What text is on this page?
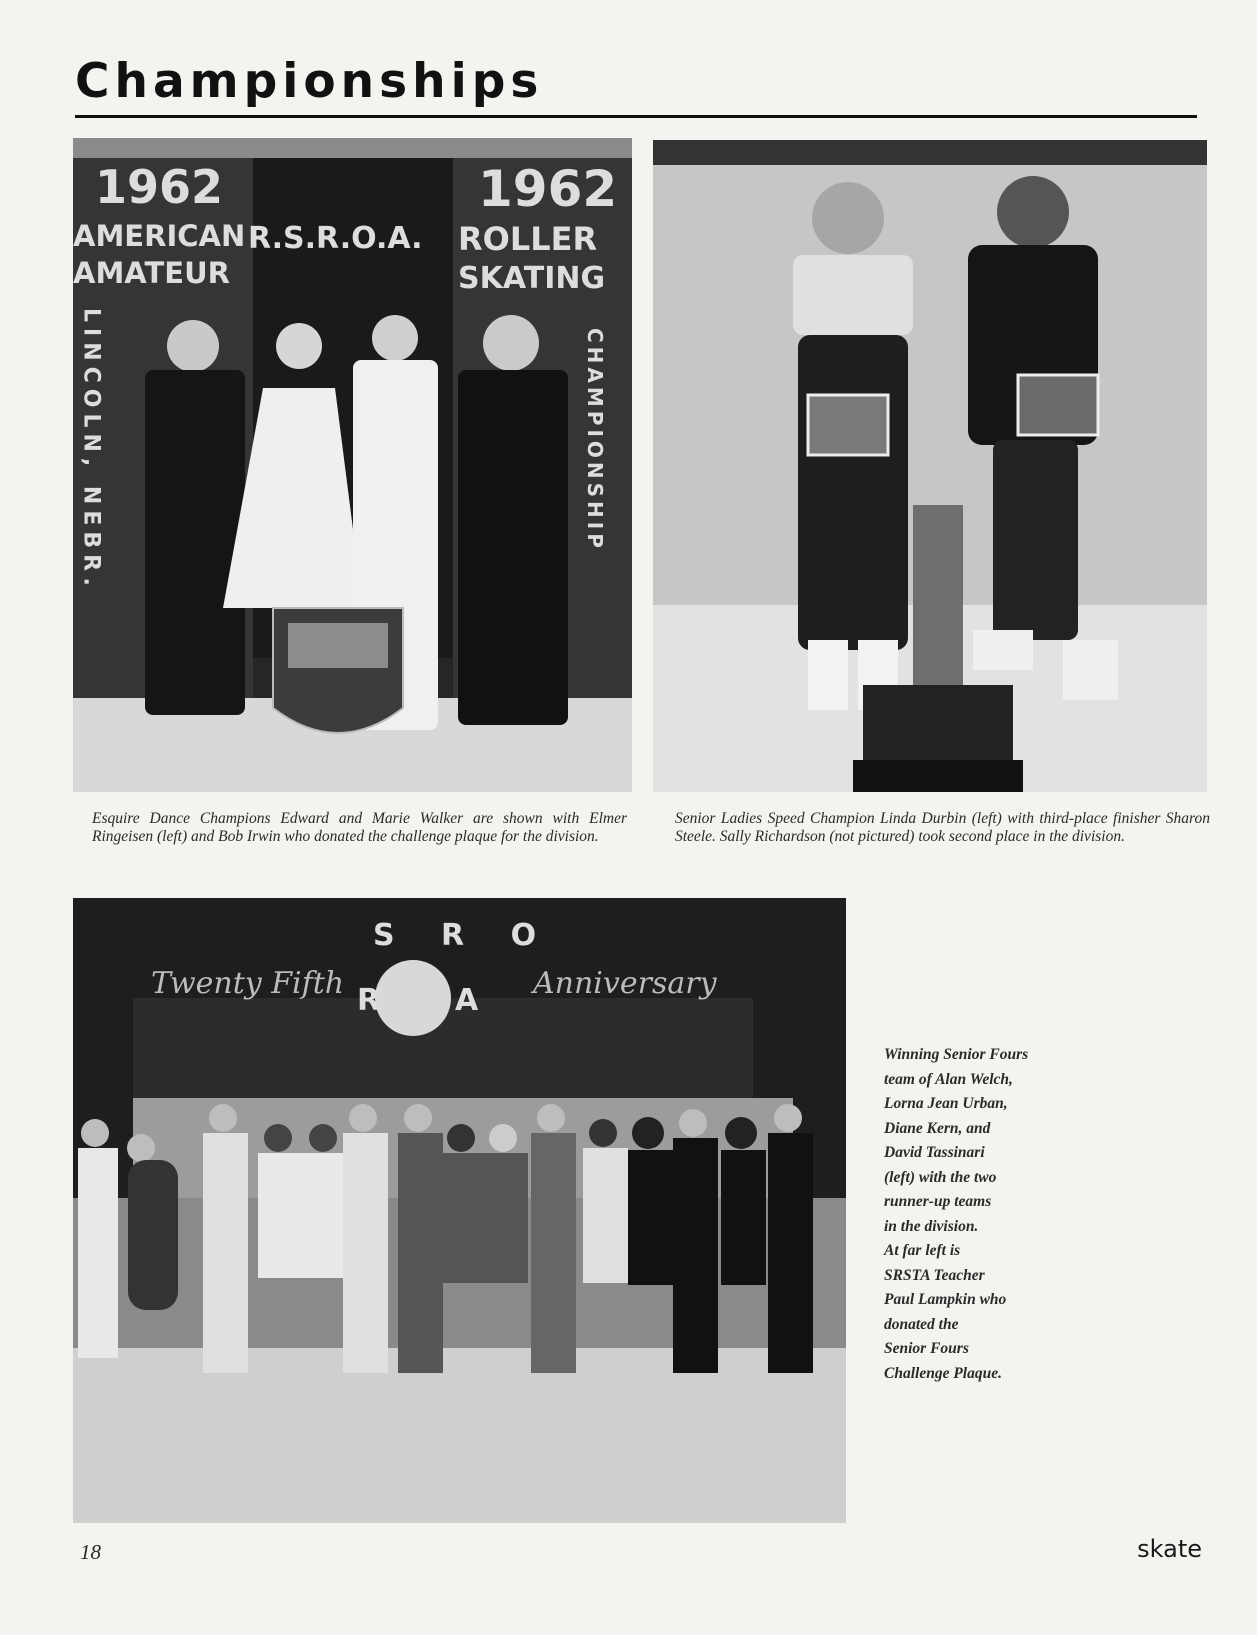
Championships
1962
AMERICAN
AMATEUR
R.S.R.O.A.
1962
ROLLER
SKATING
LINCOLN, NEBR.	CHAMPIONSHIP

Esquire Dance Champions Edward and Marie Walker are shown with Elmer Ringeisen (left) and Bob Irwin who donated the challenge plaque for the division.

Senior Ladies Speed Champion Linda Durbin (left) with third-place finisher Sharon Steele. Sally Richardson (not pictured) took second place in the division.

S R O
R A
Twenty Fifth	Anniversary

Winning Senior Fours
team of Alan Welch,
Lorna Jean Urban,
Diane Kern, and
David Tassinari
(left) with the two
runner-up teams
in the division.
At far left is
SRSTA Teacher
Paul Lampkin who
donated the
Senior Fours
Challenge Plaque.

18	skate
